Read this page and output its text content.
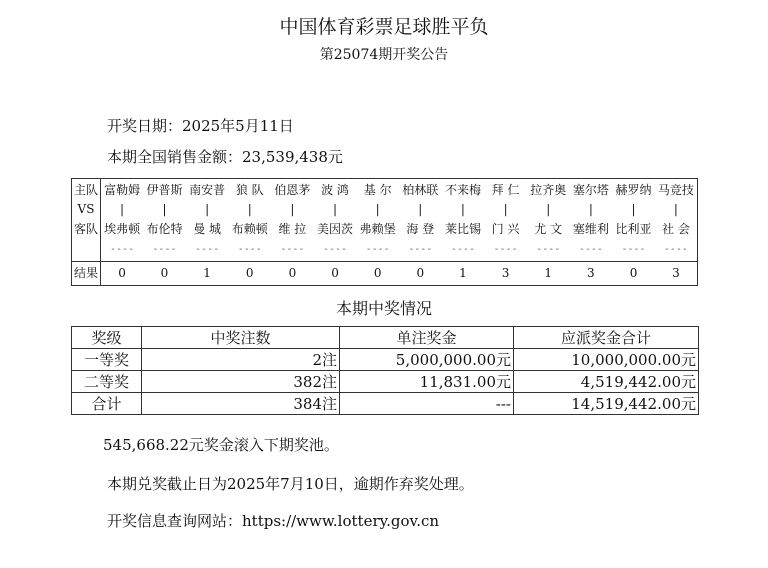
中国体育彩票足球胜平负
第25074期开奖公告
开奖日期：2025年5月11日
本期全国销售金额：23,539,438元
主队	富勒姆	伊普斯	南安普	狼 队	伯恩茅	波 鸿	基 尔	柏林联	不来梅	拜 仁	拉齐奥	塞尔塔	赫罗纳	马竞技
VS	|	|	|	|	|	|	|	|	|	|	|	|	|	|
客队	埃弗顿	布伦特	曼 城	布赖顿	维 拉	美因茨	弗赖堡	海 登	莱比锡	门 兴	尤 文	塞维利	比利亚	社 会
	----	----	----	----	----	----	----	----	----	----	----	----	----	----
结果	0	0	1	0	0	0	0	0	1	3	1	3	0	3
本期中奖情况
奖级	中奖注数	单注奖金	应派奖金合计
一等奖	2注	5,000,000.00元	10,000,000.00元
二等奖	382注	11,831.00元	4,519,442.00元
合计	384注	---	14,519,442.00元
545,668.22元奖金滚入下期奖池。
本期兑奖截止日为2025年7月10日，逾期作弃奖处理。
开奖信息查询网站：https://www.lottery.gov.cn
